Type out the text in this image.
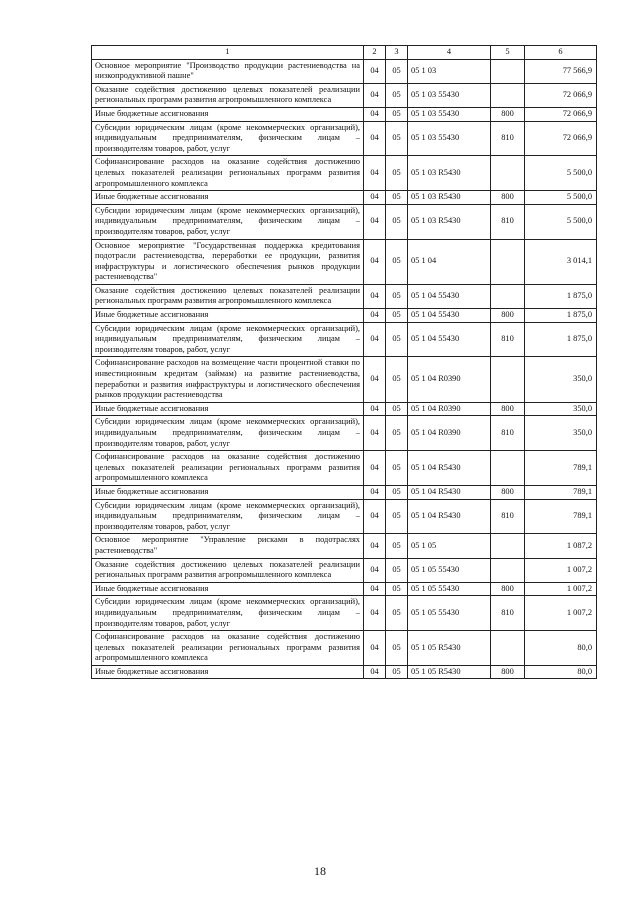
1	2	3	4	5	6
Основное мероприятие "Производство продукции растениеводства на низкопродуктивной пашне"	04	05	05 1 03		77 566,9
Оказание содействия достижению целевых показателей реализации региональных программ развития агропромышленного комплекса	04	05	05 1 03 55430		72 066,9
Иные бюджетные ассигнования	04	05	05 1 03 55430	800	72 066,9
Субсидии юридическим лицам (кроме некоммерческих организаций), индивидуальным предпринимателям, физическим лицам – производителям товаров, работ, услуг	04	05	05 1 03 55430	810	72 066,9
Софинансирование расходов на оказание содействия достижению целевых показателей реализации региональных программ развития агропромышленного комплекса	04	05	05 1 03 R5430		5 500,0
Иные бюджетные ассигнования	04	05	05 1 03 R5430	800	5 500,0
Субсидии юридическим лицам (кроме некоммерческих организаций), индивидуальным предпринимателям, физическим лицам – производителям товаров, работ, услуг	04	05	05 1 03 R5430	810	5 500,0
Основное мероприятие "Государственная поддержка кредитования подотрасли растениеводства, переработки ее продукции, развития инфраструктуры и логистического обеспечения рынков продукции растениеводства"	04	05	05 1 04		3 014,1
Оказание содействия достижению целевых показателей реализации региональных программ развития агропромышленного комплекса	04	05	05 1 04 55430		1 875,0
Иные бюджетные ассигнования	04	05	05 1 04 55430	800	1 875,0
Субсидии юридическим лицам (кроме некоммерческих организаций), индивидуальным предпринимателям, физическим лицам – производителям товаров, работ, услуг	04	05	05 1 04 55430	810	1 875,0
Софинансирование расходов на возмещение части процентной ставки по инвестиционным кредитам (займам) на развитие растениеводства, переработки и развития инфраструктуры и логистического обеспечения рынков продукции растениеводства	04	05	05 1 04 R0390		350,0
Иные бюджетные ассигнования	04	05	05 1 04 R0390	800	350,0
Субсидии юридическим лицам (кроме некоммерческих организаций), индивидуальным предпринимателям, физическим лицам – производителям товаров, работ, услуг	04	05	05 1 04 R0390	810	350,0
Софинансирование расходов на оказание содействия достижению целевых показателей реализации региональных программ развития агропромышленного комплекса	04	05	05 1 04 R5430		789,1
Иные бюджетные ассигнования	04	05	05 1 04 R5430	800	789,1
Субсидии юридическим лицам (кроме некоммерческих организаций), индивидуальным предпринимателям, физическим лицам – производителям товаров, работ, услуг	04	05	05 1 04 R5430	810	789,1
Основное мероприятие "Управление рисками в подотраслях растениеводства"	04	05	05 1 05		1 087,2
Оказание содействия достижению целевых показателей реализации региональных программ развития агропромышленного комплекса	04	05	05 1 05 55430		1 007,2
Иные бюджетные ассигнования	04	05	05 1 05 55430	800	1 007,2
Субсидии юридическим лицам (кроме некоммерческих организаций), индивидуальным предпринимателям, физическим лицам – производителям товаров, работ, услуг	04	05	05 1 05 55430	810	1 007,2
Софинансирование расходов на оказание содействия достижению целевых показателей реализации региональных программ развития агропромышленного комплекса	04	05	05 1 05 R5430		80,0
Иные бюджетные ассигнования	04	05	05 1 05 R5430	800	80,0
18
